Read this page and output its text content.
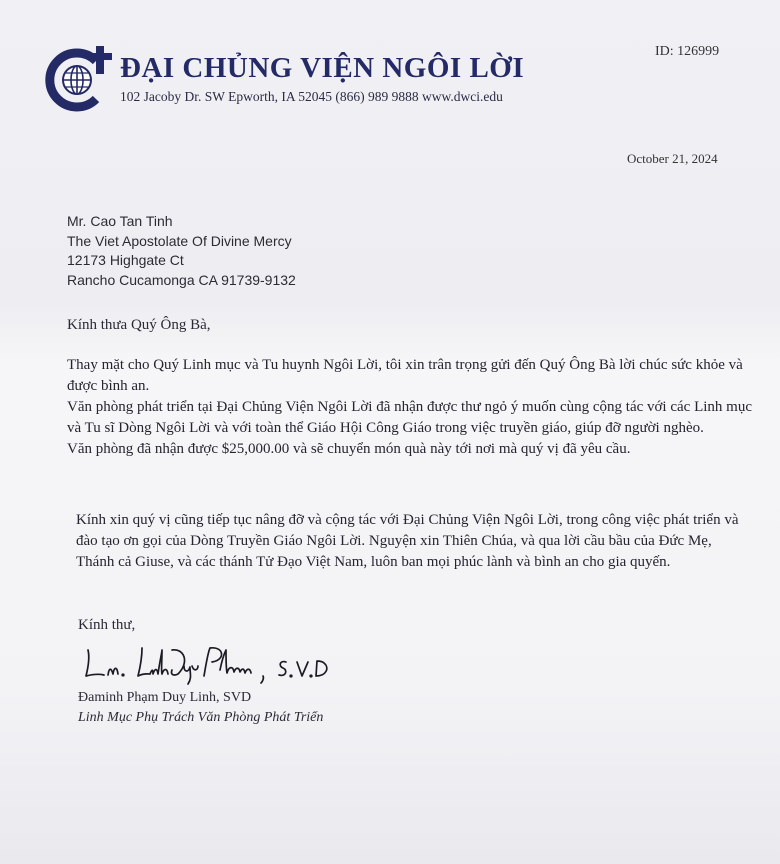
ĐẠI CHỦNG VIỆN NGÔI LỜI
102 Jacoby Dr. SW Epworth, IA 52045 (866) 989 9888 www.dwci.edu
ID: 126999
October 21, 2024
Mr. Cao Tan Tinh
The Viet Apostolate Of Divine Mercy
12173 Highgate Ct
Rancho Cucamonga CA 91739-9132
Kính thưa Quý Ông Bà,
Thay mặt cho Quý Linh mục và Tu huynh Ngôi Lời, tôi xin trân trọng gửi đến Quý Ông Bà lời chúc sức khỏe và được bình an.
Văn phòng phát triển tại Đại Chủng Viện Ngôi Lời đã nhận được thư ngỏ ý muốn cùng cộng tác với các Linh mục và Tu sĩ Dòng Ngôi Lời và với toàn thể Giáo Hội Công Giáo trong việc truyền giáo, giúp đỡ người nghèo.
Văn phòng đã nhận được $25,000.00 và sẽ chuyển món quà này tới nơi mà quý vị đã yêu cầu.
Kính xin quý vị cũng tiếp tục nâng đỡ và cộng tác với Đại Chủng Viện Ngôi Lời, trong công việc phát triển và đào tạo ơn gọi của Dòng Truyền Giáo Ngôi Lời. Nguyện xin Thiên Chúa, và qua lời cầu bầu của Đức Mẹ, Thánh cả Giuse, và các thánh Tử Đạo Việt Nam, luôn ban mọi phúc lành và bình an cho gia quyến.
Kính thư,
Đaminh Phạm Duy Linh, SVD
Linh Mục Phụ Trách Văn Phòng Phát Triển
